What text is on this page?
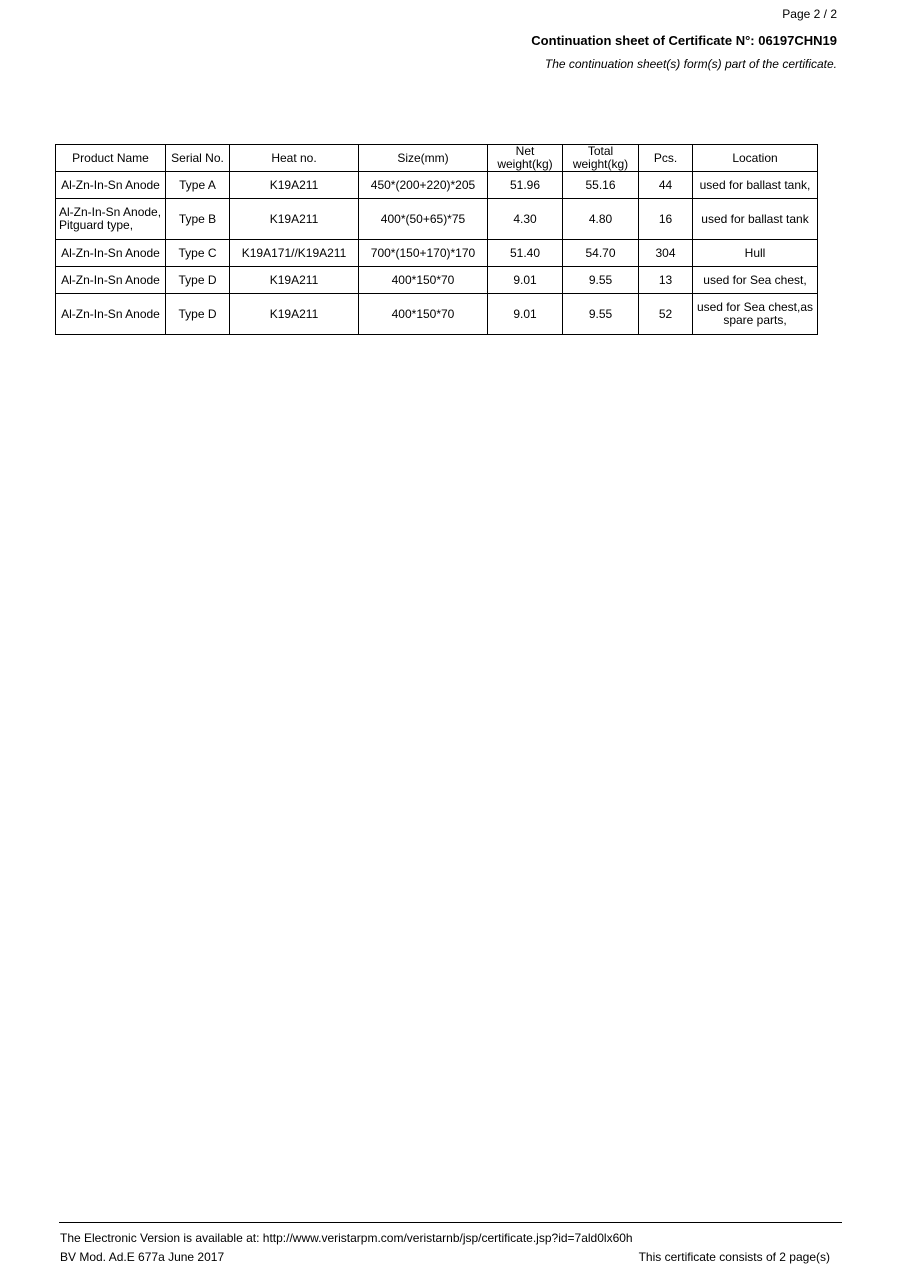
Page 2 / 2
Continuation sheet of Certificate N°: 06197CHN19
The continuation sheet(s) form(s) part of the certificate.
Product Name	Serial No.	Heat no.	Size(mm)	Net weight(kg)	Total weight(kg)	Pcs.	Location
Al-Zn-In-Sn Anode	Type A	K19A211	450*(200+220)*205	51.96	55.16	44	used for ballast tank,
Al-Zn-In-Sn Anode, Pitguard type,	Type B	K19A211	400*(50+65)*75	4.30	4.80	16	used for ballast tank
Al-Zn-In-Sn Anode	Type C	K19A171//K19A211	700*(150+170)*170	51.40	54.70	304	Hull
Al-Zn-In-Sn Anode	Type D	K19A211	400*150*70	9.01	9.55	13	used for Sea chest,
Al-Zn-In-Sn Anode	Type D	K19A211	400*150*70	9.01	9.55	52	used for Sea chest,as spare parts,
The Electronic Version is available at: http://www.veristarpm.com/veristarnb/jsp/certificate.jsp?id=7ald0lx60h
BV Mod. Ad.E 677a June 2017	This certificate consists of 2 page(s)
